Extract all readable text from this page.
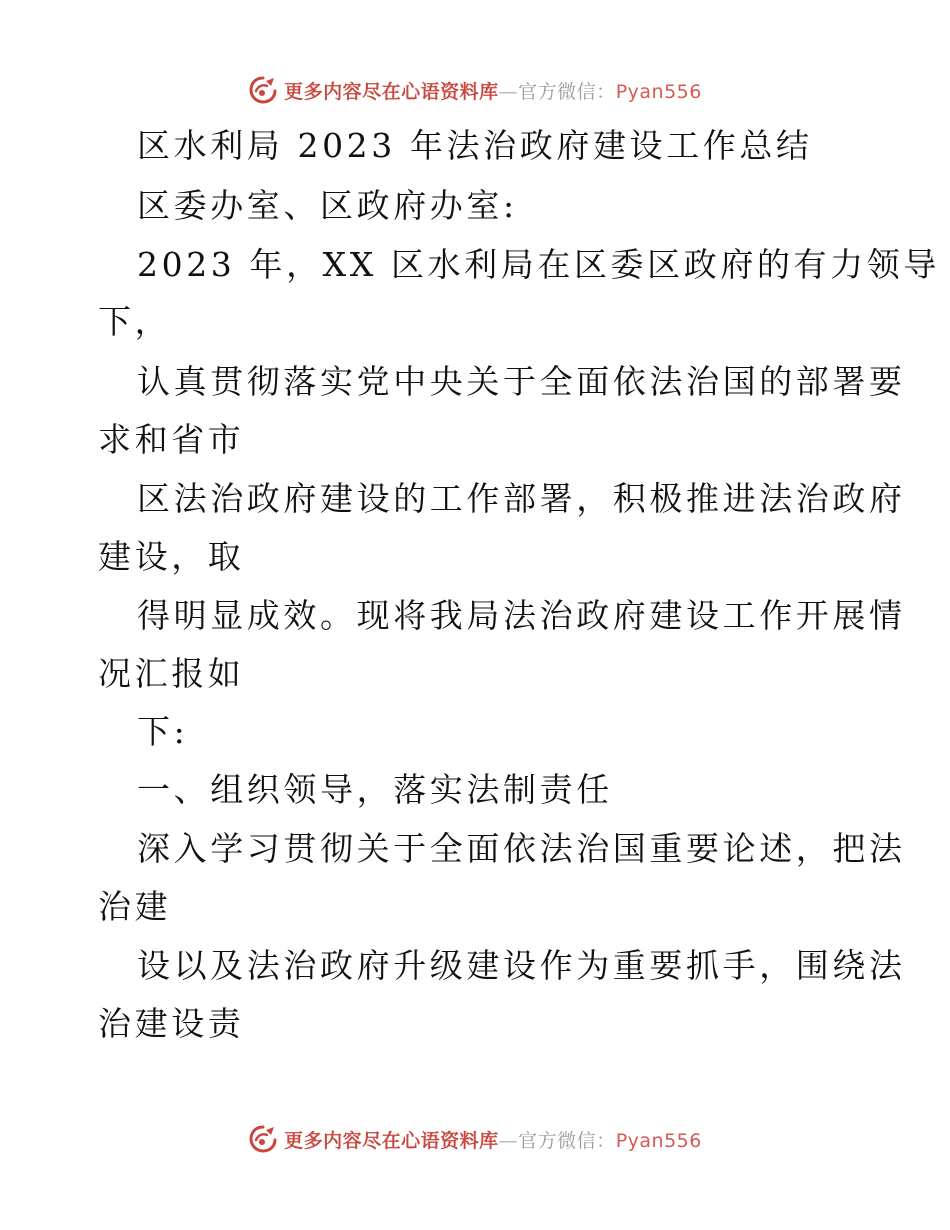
更多内容尽在心语资料库—官方微信：Pyan556
区水利局 2023 年法治政府建设工作总结
区委办室、区政府办室:
2023 年，XX 区水利局在区委区政府的有力领导
下，
认真贯彻落实党中央关于全面依法治国的部署要
求和省市
区法治政府建设的工作部署，积极推进法治政府
建设，取
得明显成效。现将我局法治政府建设工作开展情
况汇报如
下:
一、组织领导，落实法制责任
深入学习贯彻关于全面依法治国重要论述，把法
治建
设以及法治政府升级建设作为重要抓手，围绕法
治建设责
更多内容尽在心语资料库—官方微信：Pyan556
